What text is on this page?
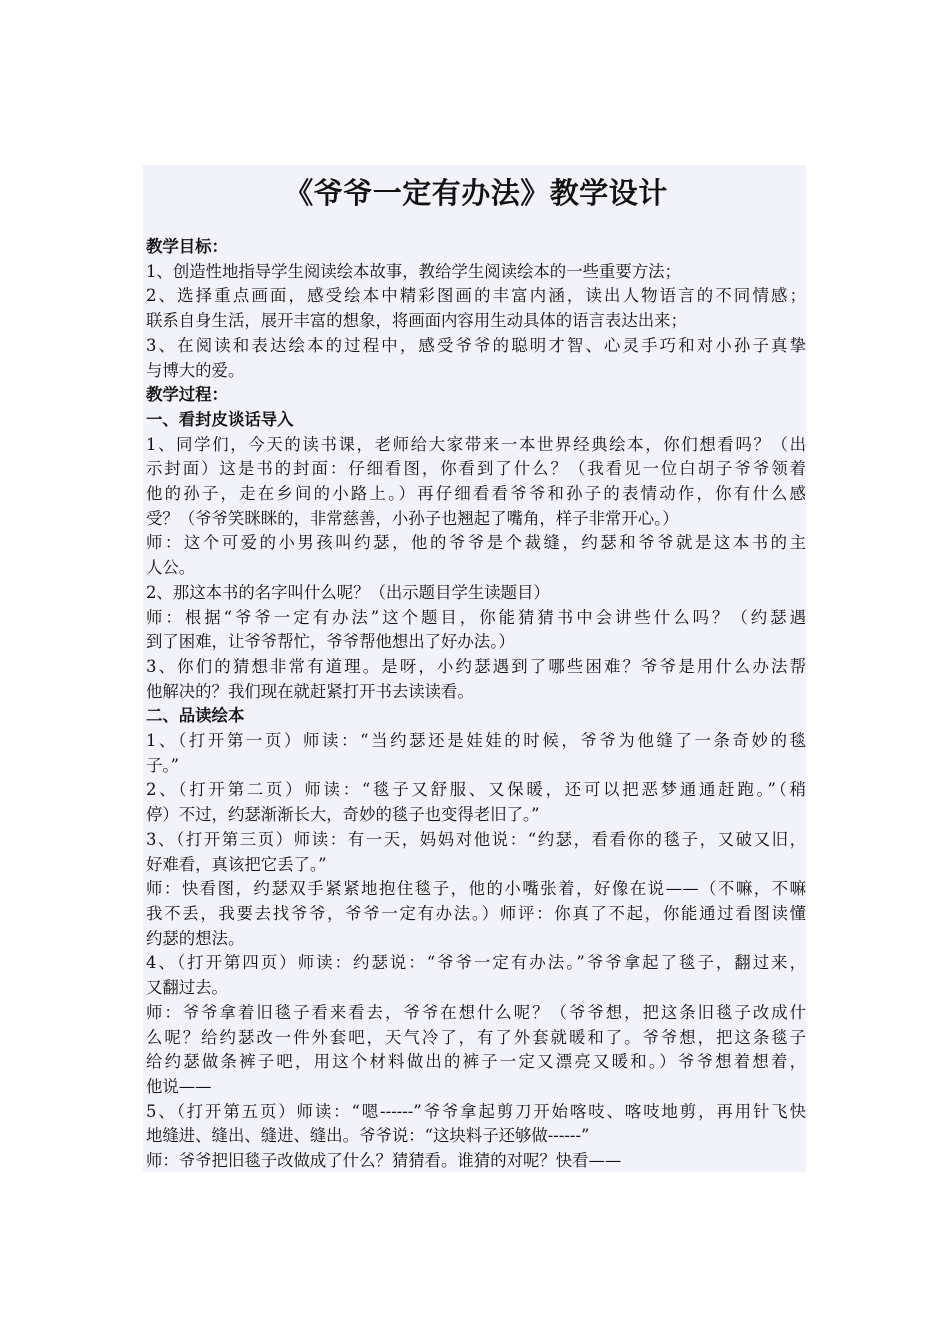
《爷爷一定有办法》教学设计
教学目标：
1、创造性地指导学生阅读绘本故事，教给学生阅读绘本的一些重要方法；
2、选择重点画面，感受绘本中精彩图画的丰富内涵，读出人物语言的不同情感；
联系自身生活，展开丰富的想象，将画面内容用生动具体的语言表达出来；
3、在阅读和表达绘本的过程中，感受爷爷的聪明才智、心灵手巧和对小孙子真挚
与博大的爱。
教学过程：
一、看封皮谈话导入
1、同学们，今天的读书课，老师给大家带来一本世界经典绘本，你们想看吗？（出
示封面）这是书的封面：仔细看图，你看到了什么？（我看见一位白胡子爷爷领着
他的孙子，走在乡间的小路上。）再仔细看看爷爷和孙子的表情动作，你有什么感
受？（爷爷笑眯眯的，非常慈善，小孙子也翘起了嘴角，样子非常开心。）
师：这个可爱的小男孩叫约瑟，他的爷爷是个裁缝，约瑟和爷爷就是这本书的主
人公。
2、那这本书的名字叫什么呢？（出示题目学生读题目）
师：根据“爷爷一定有办法”这个题目，你能猜猜书中会讲些什么吗？（约瑟遇
到了困难，让爷爷帮忙，爷爷帮他想出了好办法。）
3、你们的猜想非常有道理。是呀，小约瑟遇到了哪些困难？爷爷是用什么办法帮
他解决的？我们现在就赶紧打开书去读读看。
二、品读绘本
1、（打开第一页）师读：“当约瑟还是娃娃的时候，爷爷为他缝了一条奇妙的毯
子。”
2、（打开第二页）师读：“毯子又舒服、又保暖，还可以把恶梦通通赶跑。”（稍
停）不过，约瑟渐渐长大，奇妙的毯子也变得老旧了。”
3、（打开第三页）师读：有一天，妈妈对他说：“约瑟，看看你的毯子，又破又旧，
好难看，真该把它丢了。”
师：快看图，约瑟双手紧紧地抱住毯子，他的小嘴张着，好像在说——（不嘛，不嘛
我不丢，我要去找爷爷，爷爷一定有办法。）师评：你真了不起，你能通过看图读懂
约瑟的想法。
4、（打开第四页）师读：约瑟说：“爷爷一定有办法。”爷爷拿起了毯子，翻过来，
又翻过去。
师：爷爷拿着旧毯子看来看去，爷爷在想什么呢？（爷爷想，把这条旧毯子改成什
么呢？给约瑟改一件外套吧，天气冷了，有了外套就暖和了。爷爷想，把这条毯子
给约瑟做条裤子吧，用这个材料做出的裤子一定又漂亮又暖和。）爷爷想着想着，
他说——
5、（打开第五页）师读：“嗯------”爷爷拿起剪刀开始喀吱、喀吱地剪，再用针飞快
地缝进、缝出、缝进、缝出。爷爷说：“这块料子还够做------”
师：爷爷把旧毯子改做成了什么？猜猜看。谁猜的对呢？快看——
